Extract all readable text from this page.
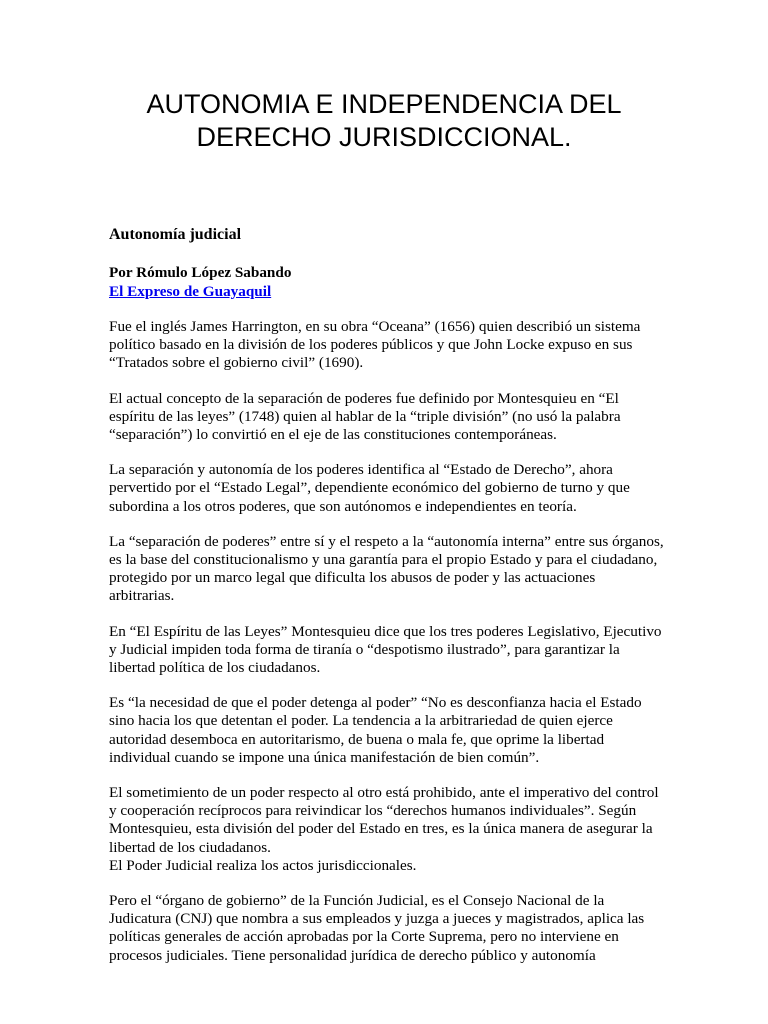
AUTONOMIA E INDEPENDENCIA DEL
DERECHO JURISDICCIONAL.
Autonomía judicial

Por Rómulo López Sabando

El Expreso de Guayaquil

Fue el inglés James Harrington, en su obra “Oceana” (1656) quien describió un sistema político basado en la división de los poderes públicos y que John Locke expuso en sus “Tratados sobre el gobierno civil” (1690).

El actual concepto de la separación de poderes fue definido por Montesquieu en “El espíritu de las leyes” (1748) quien al hablar de la “triple división” (no usó la palabra “separación”) lo convirtió en el eje de las constituciones contemporáneas.

La separación y autonomía de los poderes identifica al “Estado de Derecho”, ahora pervertido por el “Estado Legal”, dependiente económico del gobierno de turno y que subordina a los otros poderes, que son autónomos e independientes en teoría.

La “separación de poderes” entre sí y el respeto a la “autonomía interna” entre sus órganos, es la base del constitucionalismo y una garantía para el propio Estado y para el ciudadano, protegido por un marco legal que dificulta los abusos de poder y las actuaciones arbitrarias.

En “El Espíritu de las Leyes” Montesquieu dice que los tres poderes Legislativo, Ejecutivo y Judicial impiden toda forma de tiranía o “despotismo ilustrado”, para garantizar la libertad política de los ciudadanos.

Es “la necesidad de que el poder detenga al poder” “No es desconfianza hacia el Estado sino hacia los que detentan el poder. La tendencia a la arbitrariedad de quien ejerce autoridad desemboca en autoritarismo, de buena o mala fe, que oprime la libertad individual cuando se impone una única manifestación de bien común”.

El sometimiento de un poder respecto al otro está prohibido, ante el imperativo del control y cooperación recíprocos para reivindicar los “derechos humanos individuales”. Según Montesquieu, esta división del poder del Estado en tres, es la única manera de asegurar la libertad de los ciudadanos.

El Poder Judicial realiza los actos jurisdiccionales.

Pero el “órgano de gobierno” de la Función Judicial, es el Consejo Nacional de la Judicatura (CNJ) que nombra a sus empleados y juzga a jueces y magistrados, aplica las políticas generales de acción aprobadas por la Corte Suprema, pero no interviene en procesos judiciales. Tiene personalidad jurídica de derecho público y autonomía
